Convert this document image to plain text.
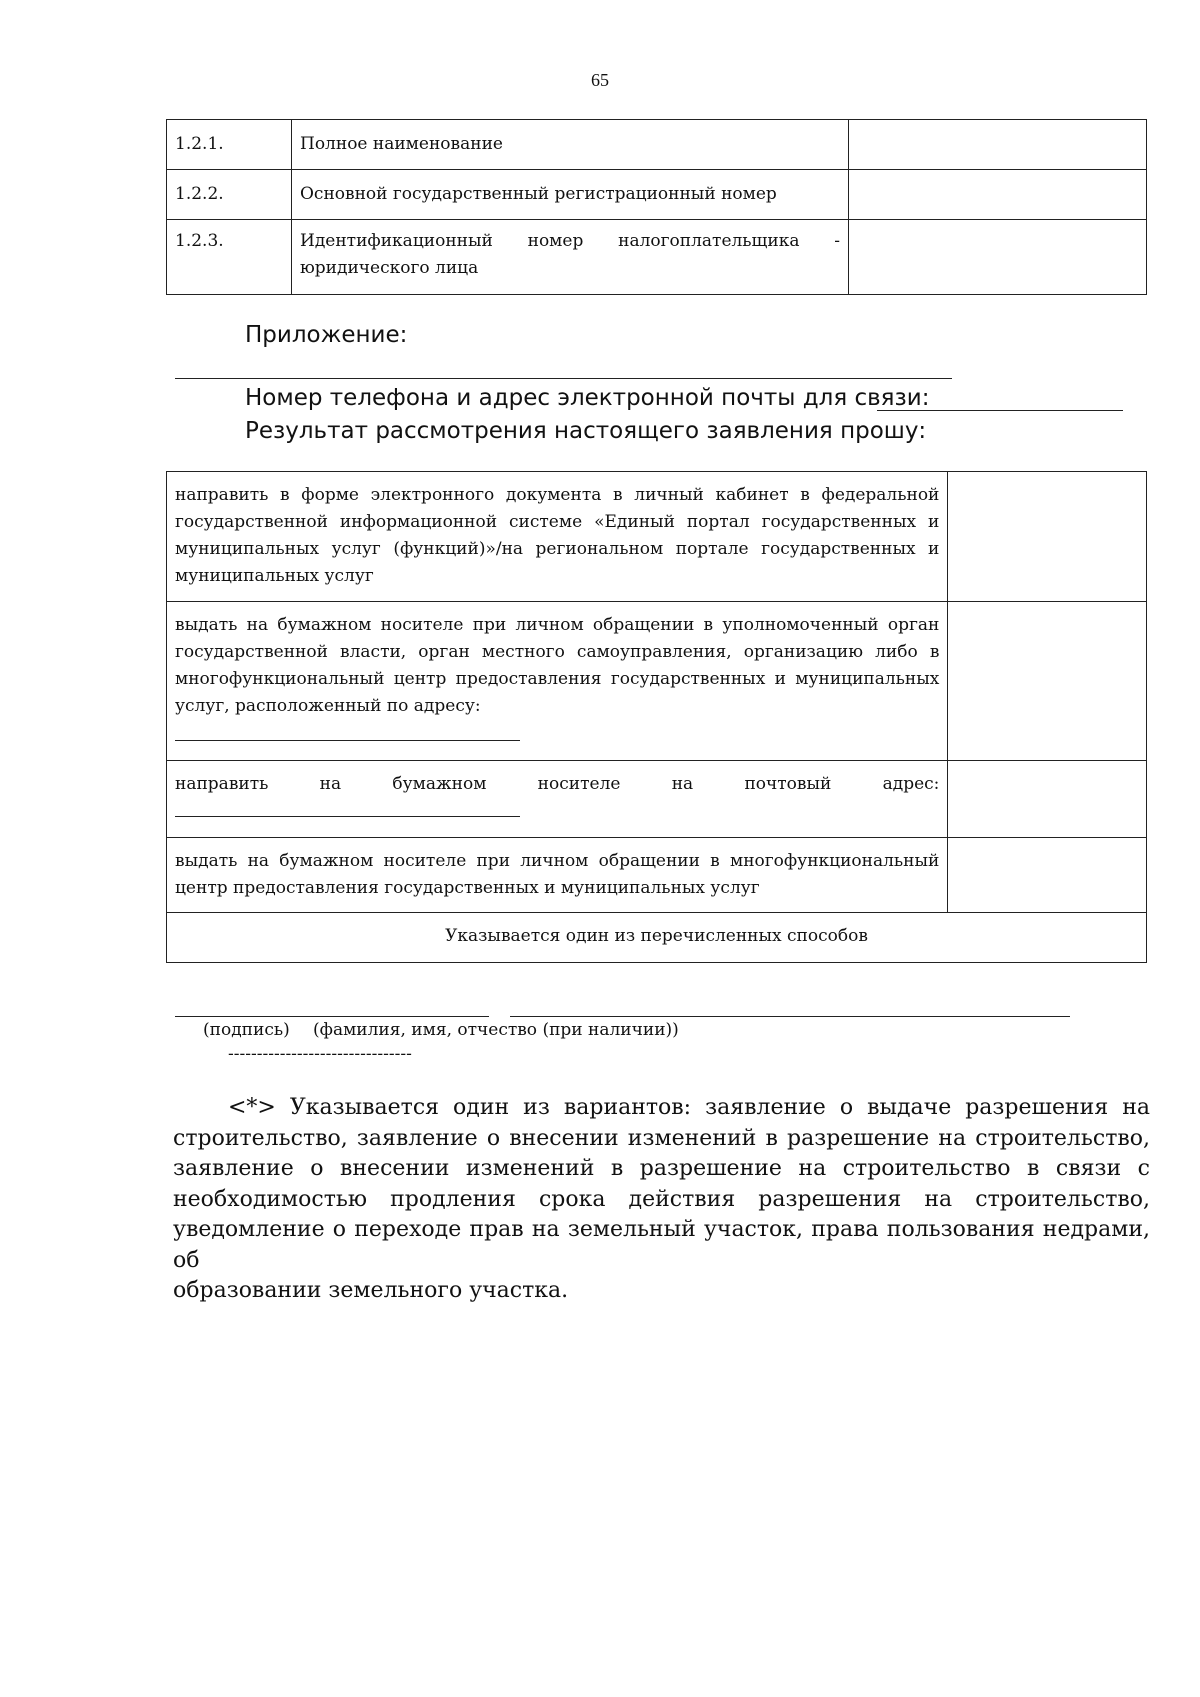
65
1.2.1.	Полное наименование	
1.2.2.	Основной государственный регистрационный номер	
1.2.3.	Идентификационный номер налогоплательщика -
юридического лица	

Приложение:
Номер телефона и адрес электронной почты для связи:
Результат рассмотрения настоящего заявления прошу:
направить в форме электронного документа в личный кабинет в федеральной государственной информационной системе «Единый портал государственных и муниципальных услуг (функций)»/на региональном портале государственных и муниципальных услуг	
выдать на бумажном носителе при личном обращении в уполномоченный орган государственной власти, орган местного самоуправления, организацию либо в многофункциональный центр предоставления государственных и муниципальных услуг, расположенный по адресу:

направить на бумажном носителе на почтовый адрес:	

выдать на бумажном носителе при личном обращении в многофункциональный центр предоставления государственных и муниципальных услуг	
Указывается один из перечисленных способов	
(подпись) (фамилия, имя, отчество (при наличии))
--------------------------------
<*> Указывается один из вариантов: заявление о выдаче разрешения на
строительство, заявление о внесении изменений в разрешение на строительство,
заявление о внесении изменений в разрешение на строительство в связи с
необходимостью продления срока действия разрешения на строительство,
уведомление о переходе прав на земельный участок, права пользования недрами, об
образовании земельного участка.
